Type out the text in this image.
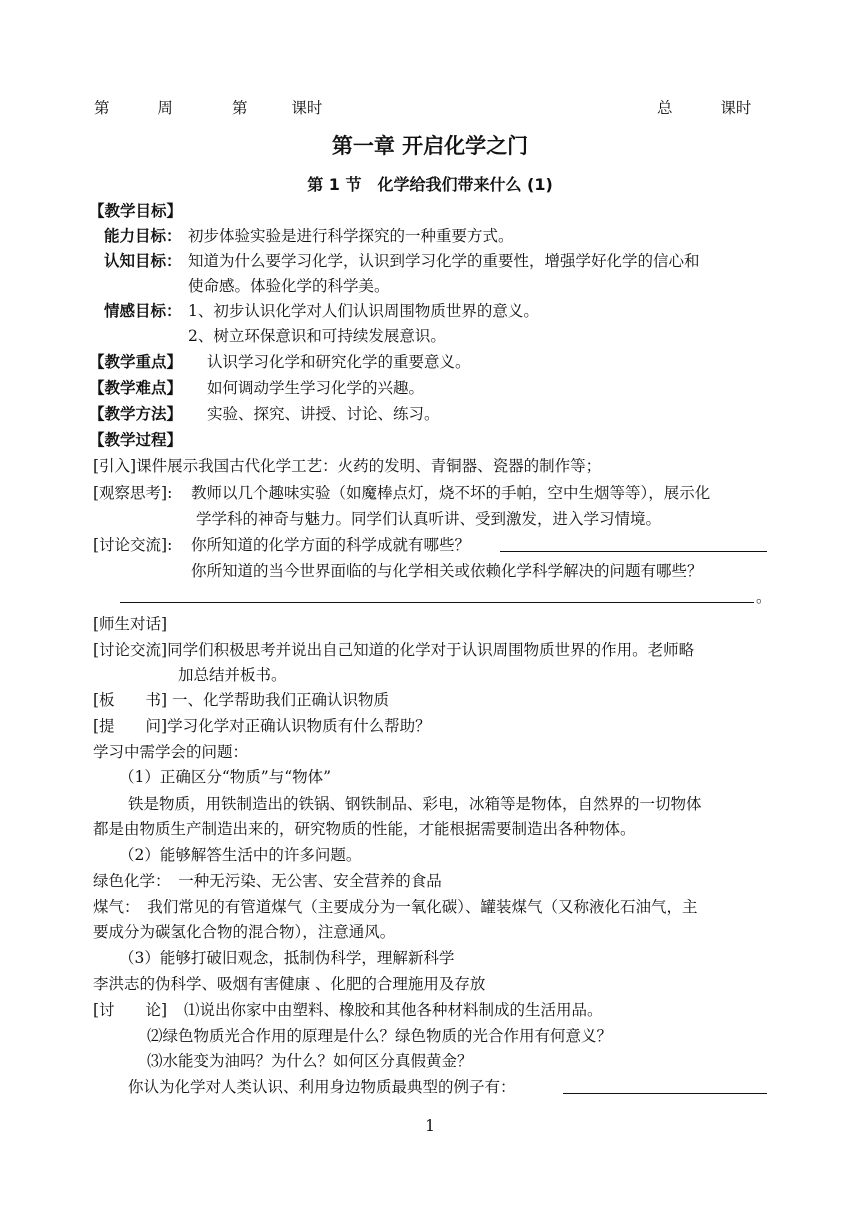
第	周	第	课时	总	课时
第一章 开启化学之门
第 1 节　化学给我们带来什么 (1)
【教学目标】
能力目标： 初步体验实验是进行科学探究的一种重要方式。
认知目标： 知道为什么要学习化学，认识到学习化学的重要性，增强学好化学的信心和
使命感。体验化学的科学美。
情感目标： 1、初步认识化学对人们认识周围物质世界的意义。
2、树立环保意识和可持续发展意识。
【教学重点】 认识学习化学和研究化学的重要意义。
【教学难点】 如何调动学生学习化学的兴趣。
【教学方法】 实验、探究、讲授、讨论、练习。
【教学过程】
[引入]课件展示我国古代化学工艺：火药的发明、青铜器、瓷器的制作等；
[观察思考]: 教师以几个趣味实验（如魔棒点灯，烧不坏的手帕，空中生烟等等），展示化
学学科的神奇与魅力。同学们认真听讲、受到激发，进入学习情境。
[讨论交流]: 你所知道的化学方面的科学成就有哪些？
你所知道的当今世界面临的与化学相关或依赖化学科学解决的问题有哪些？
。
[师生对话]
[讨论交流]同学们积极思考并说出自己知道的化学对于认识周围物质世界的作用。老师略
加总结并板书。
[板　　书] 一、化学帮助我们正确认识物质
[提　　问]学习化学对正确认识物质有什么帮助？
学习中需学会的问题：
（1）正确区分“物质”与“物体”
铁是物质，用铁制造出的铁锅、钢铁制品、彩电，冰箱等是物体，自然界的一切物体
都是由物质生产制造出来的，研究物质的性能，才能根据需要制造出各种物体。
（2）能够解答生活中的许多问题。
绿色化学：　一种无污染、无公害、安全营养的食品
煤气：　我们常见的有管道煤气（主要成分为一氧化碳）、罐装煤气（又称液化石油气，主
要成分为碳氢化合物的混合物），注意通风。
（3）能够打破旧观念，抵制伪科学，理解新科学
李洪志的伪科学、吸烟有害健康 、化肥的合理施用及存放
[讨　　论] ⑴说出你家中由塑料、橡胶和其他各种材料制成的生活用品。
⑵绿色物质光合作用的原理是什么？绿色物质的光合作用有何意义？
⑶水能变为油吗？为什么？如何区分真假黄金？
你认为化学对人类认识、利用身边物质最典型的例子有：
1
